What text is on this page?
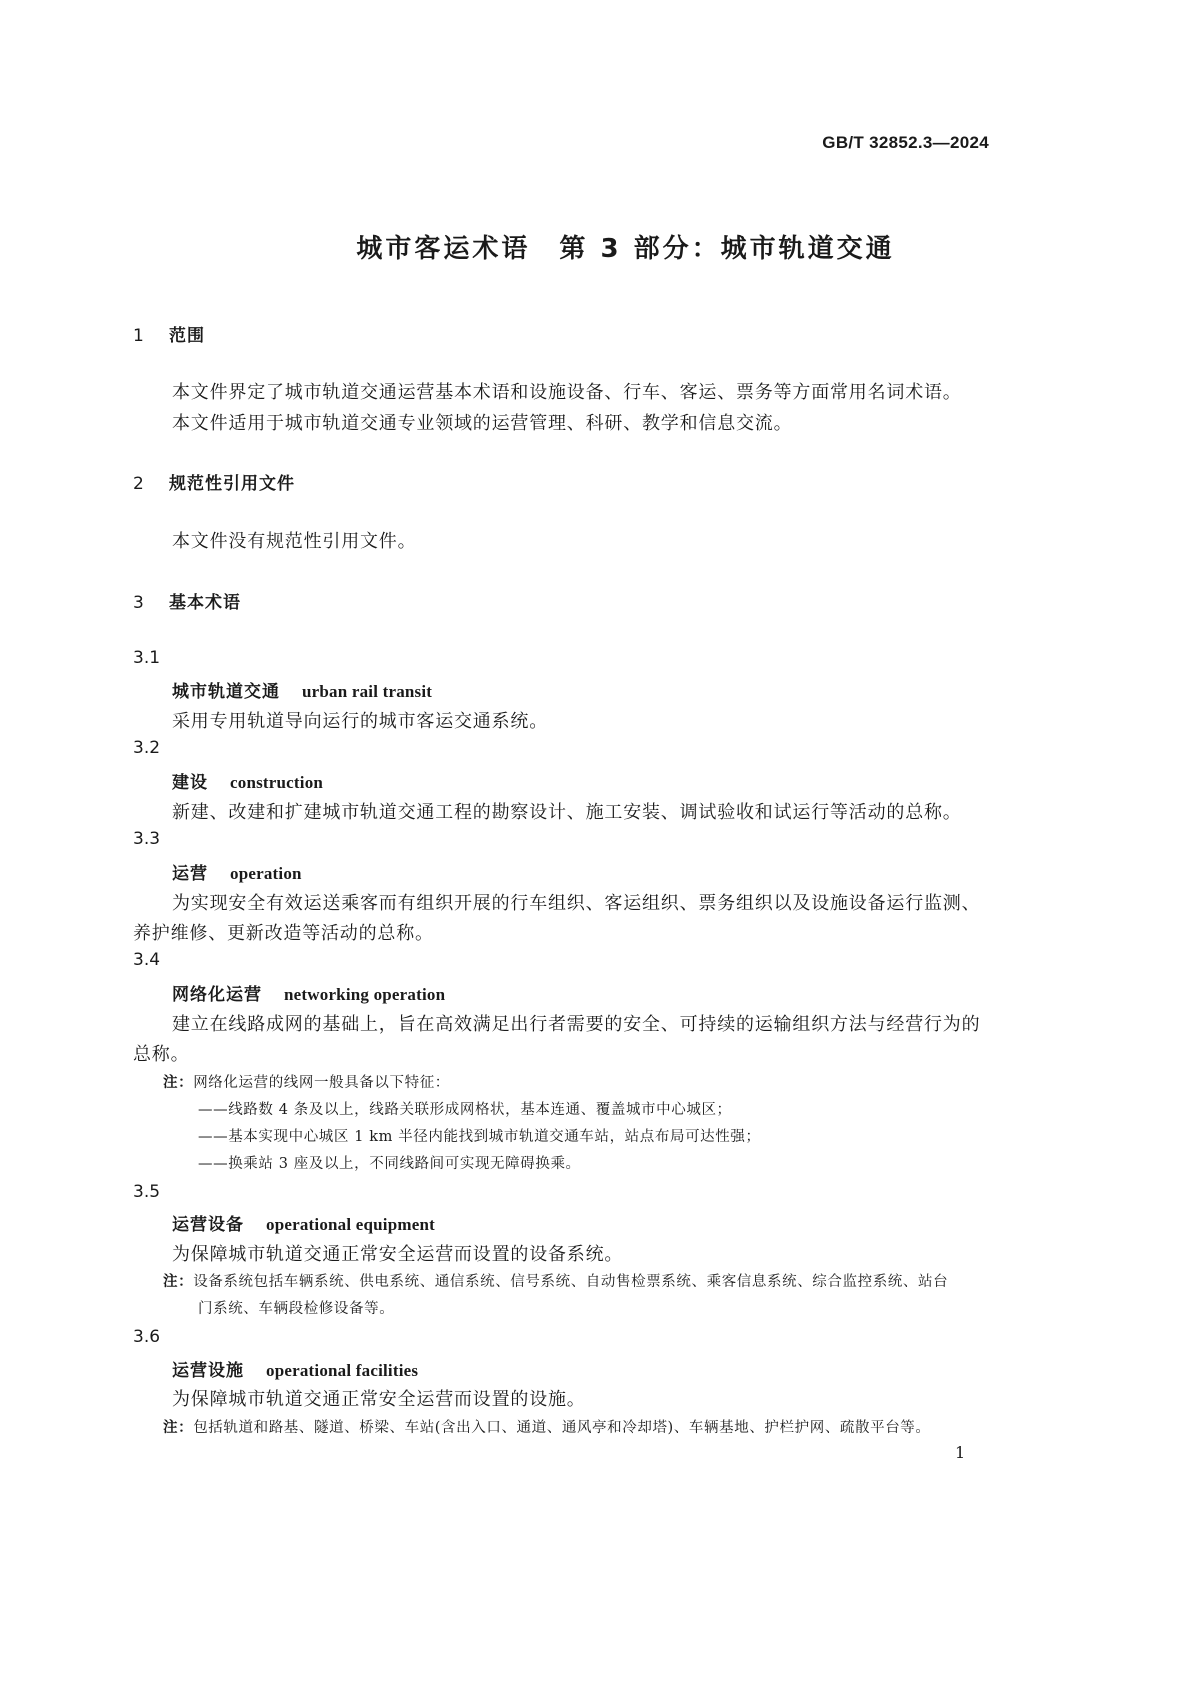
GB/T 32852.3—2024
城市客运术语　第 3 部分：城市轨道交通
1 范围
本文件界定了城市轨道交通运营基本术语和设施设备、行车、客运、票务等方面常用名词术语。
本文件适用于城市轨道交通专业领域的运营管理、科研、教学和信息交流。
2 规范性引用文件
本文件没有规范性引用文件。
3 基本术语
3.1
城市轨道交通 urban rail transit
采用专用轨道导向运行的城市客运交通系统。
3.2
建设 construction
新建、改建和扩建城市轨道交通工程的勘察设计、施工安装、调试验收和试运行等活动的总称。
3.3
运营 operation
为实现安全有效运送乘客而有组织开展的行车组织、客运组织、票务组织以及设施设备运行监测、
养护维修、更新改造等活动的总称。
3.4
网络化运营 networking operation
建立在线路成网的基础上，旨在高效满足出行者需要的安全、可持续的运输组织方法与经营行为的
总称。
注：网络化运营的线网一般具备以下特征：
——线路数 4 条及以上，线路关联形成网格状，基本连通、覆盖城市中心城区；
——基本实现中心城区 1 km 半径内能找到城市轨道交通车站，站点布局可达性强；
——换乘站 3 座及以上，不同线路间可实现无障碍换乘。
3.5
运营设备 operational equipment
为保障城市轨道交通正常安全运营而设置的设备系统。
注：设备系统包括车辆系统、供电系统、通信系统、信号系统、自动售检票系统、乘客信息系统、综合监控系统、站台
门系统、车辆段检修设备等。
3.6
运营设施 operational facilities
为保障城市轨道交通正常安全运营而设置的设施。
注：包括轨道和路基、隧道、桥梁、车站(含出入口、通道、通风亭和冷却塔)、车辆基地、护栏护网、疏散平台等。
1
